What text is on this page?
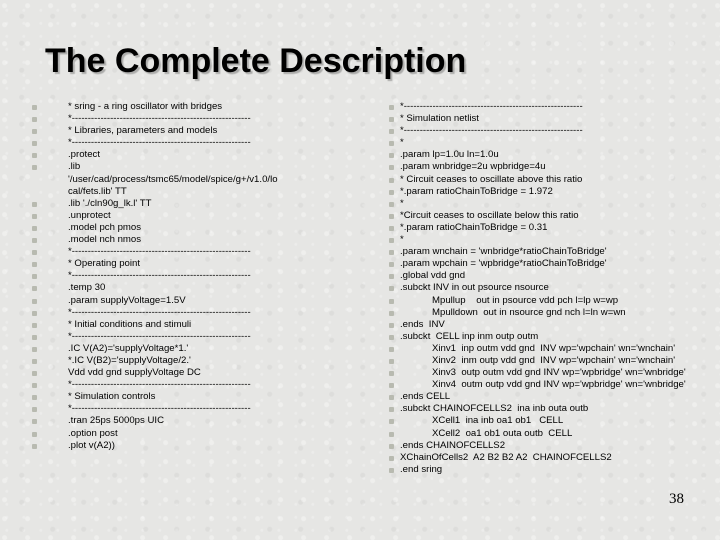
The Complete Description
* sring - a ring oscillator with bridges
*--------------------------------------------------------
* Libraries, parameters and models
*--------------------------------------------------------
.protect
.lib '/user/cad/process/tsmc65/model/spice/g+/v1.0/local/fets.lib' TT
.lib './cln90g_lk.l' TT
.unprotect
.model pch pmos
.model nch nmos
*--------------------------------------------------------
* Operating point
*--------------------------------------------------------
.temp 30
.param supplyVoltage=1.5V
*--------------------------------------------------------
* Initial conditions and stimuli
*--------------------------------------------------------
.IC V(A2)='supplyVoltage*1.'
*.IC V(B2)='supplyVoltage/2.'
Vdd vdd gnd supplyVoltage DC
*--------------------------------------------------------
* Simulation controls
*--------------------------------------------------------
.tran 25ps 5000ps UIC
.option post
.plot v(A2))
*--------------------------------------------------------
* Simulation netlist
*--------------------------------------------------------
*
.param lp=1.0u ln=1.0u
.param wnbridge=2u wpbridge=4u
* Circuit ceases to oscillate above this ratio
*.param ratioChainToBridge = 1.972
*
*Circuit ceases to oscillate below this ratio
*.param ratioChainToBridge = 0.31
*
.param wnchain = 'wnbridge*ratioChainToBridge'
.param wpchain = 'wpbridge*ratioChainToBridge'
.global vdd gnd
.subckt INV in out psource nsource
Mpullup    out in psource vdd pch l=lp w=wp
Mpulldown  out in nsource gnd nch l=ln w=wn
.ends  INV
.subckt  CELL inp inm outp outm
Xinv1  inp outm vdd gnd  INV wp='wpchain' wn='wnchain'
Xinv2  inm outp vdd gnd  INV wp='wpchain' wn='wnchain'
Xinv3  outp outm vdd gnd INV wp='wpbridge' wn='wnbridge'
Xinv4  outm outp vdd gnd INV wp='wpbridge' wn='wnbridge'
.ends CELL
.subckt CHAINOFCELLS2  ina inb outa outb
XCell1  ina inb oa1 ob1   CELL
XCell2  oa1 ob1 outa outb  CELL
.ends CHAINOFCELLS2
XChainOfCells2  A2 B2 B2 A2  CHAINOFCELLS2
.end sring
38
